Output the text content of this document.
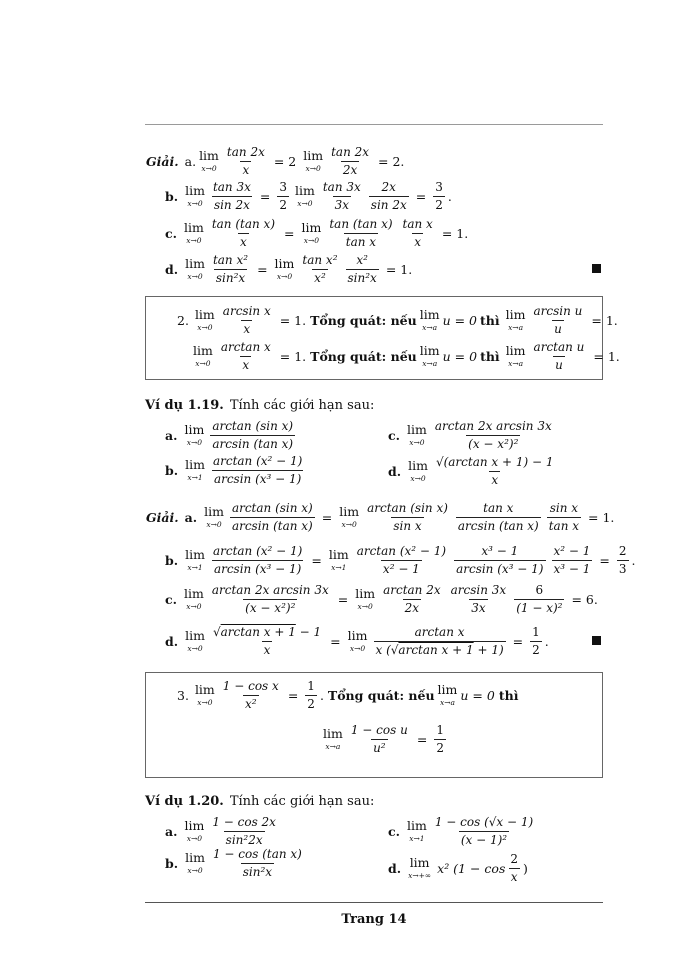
Giải. a. lim
$x\to 0 \frac{\tan 2x}{x} = 2$ lim
$x\to 0 \frac{\tan 2x}{2x} = 2$.
b. lim
$x\to 0 \frac{\tan 3x}{\sin 2x} = \frac{3}{2}$ lim
$x\to 0 \frac{\tan 3x}{3x} \frac{2x}{\sin 2x} = \frac{3}{2}$ .
c. lim
$x\to 0 \frac{\text{tan (tan x)}}{x} = \lim$
$x\to 0 \frac{\text{tan (tan x)}}{\text{tan x}} \frac{\text{tan x}}{x} = 1$.
d. lim
$x\to 0 \frac{\text{tan x²}}{\text{sin²x}} = \lim$
$x\to 0 \frac{\text{tan x²}}{\text{x²}} \frac{\text{x²}}{\text{sin²x}} = 1$.
2. lim
$x\to 0 \frac{\text{arcsin x}}{x} = 1$. Tổng quát: nếu lim
x→a u = 0 thì lim
$x\to a \frac{\text{arcsin u}}{u} = 1$.
lim
$x\to 0 \frac{\text{arctan x}}{x} = 1$. Tổng quát: nếu lim
x→a u = 0 thì lim
$x\to a \frac{\text{arctan u}}{u} = 1$.
Ví dụ 1.19. Tính các giới hạn sau:
a. lim
$x\to 0 \frac{\text{arctan (sin x)}}{\text{arcsin (tan x)}}$
b. lim
$x\to 1 \frac{\text{arctan (x² − 1)}}{\text{arcsin (x³ − 1)}}$
c. lim
$x\to 0 \frac{\text{arctan 2x arcsin 3x}}{\text{(x − x²)²}}$
d. lim
$x\to 0 \frac{\text{√(arctan x + 1) − 1}}{x}$
Giải. a. lim
$x\to 0 \frac{\text{arctan (sin x)}}{\text{arcsin (tan x)}} = \lim$
$x\to 0 \frac{\text{arctan (sin x)}}{\text{sin x}} \frac{\text{tan x}}{\text{arcsin (tan x)}} \frac{\text{sin x}}{\text{tan x}} = 1$.
b. lim
$x\to 1 \frac{\text{arctan (x² − 1)}}{\text{arcsin (x³ − 1)}} = \lim$
$x\to 1 \frac{\text{arctan (x² − 1)}}{\text{x² − 1}} \frac{\text{x³ − 1}}{\text{arcsin (x³ − 1)}} \frac{\text{x² − 1}}{\text{x³ − 1}} = \frac{2}{3}$ .
c. lim
$x\to 0 \frac{\text{arctan 2x arcsin 3x}}{\text{(x − x²)²}} = \lim$
$x\to 0 \frac{\arctan 2x}{2x} \frac{\arcsin 3x}{3x} \frac{6}{\text{(1 − x)²}} = 6$.
d. lim
$x\to 0 \frac{\text{√arctan x + 1 − 1}}{x} = \lim$
$x\to 0 \frac{\text{arctan x}}{\text{x (√arctan x + 1 + 1)}} = \frac{1}{2}$ .
3. lim
$x\to 0 \frac{\text{1 − cos x}}{\text{x²}} = \frac{1}{2}$ . Tổng quát: nếu lim
x→a u = 0 thì
lim
$x\to a \frac{\text{1 − cos u}}{\text{u²}} = \frac{1}{2}$
Ví dụ 1.20. Tính các giới hạn sau:
a. lim
$x\to 0 \frac{1 - \cos 2x}{\text{sin²2x}}$
b. lim
$x\to 0 \frac{\text{1 − cos (tan x)}}{\text{sin²x}}$
c. lim
$x\to 1 \frac{1 - \cos (√x - 1)}{\text{(x − 1)²}}$
d. lim
x→+∞ x² ($1 - \cos \frac{2}{x}$ )
Trang 14
